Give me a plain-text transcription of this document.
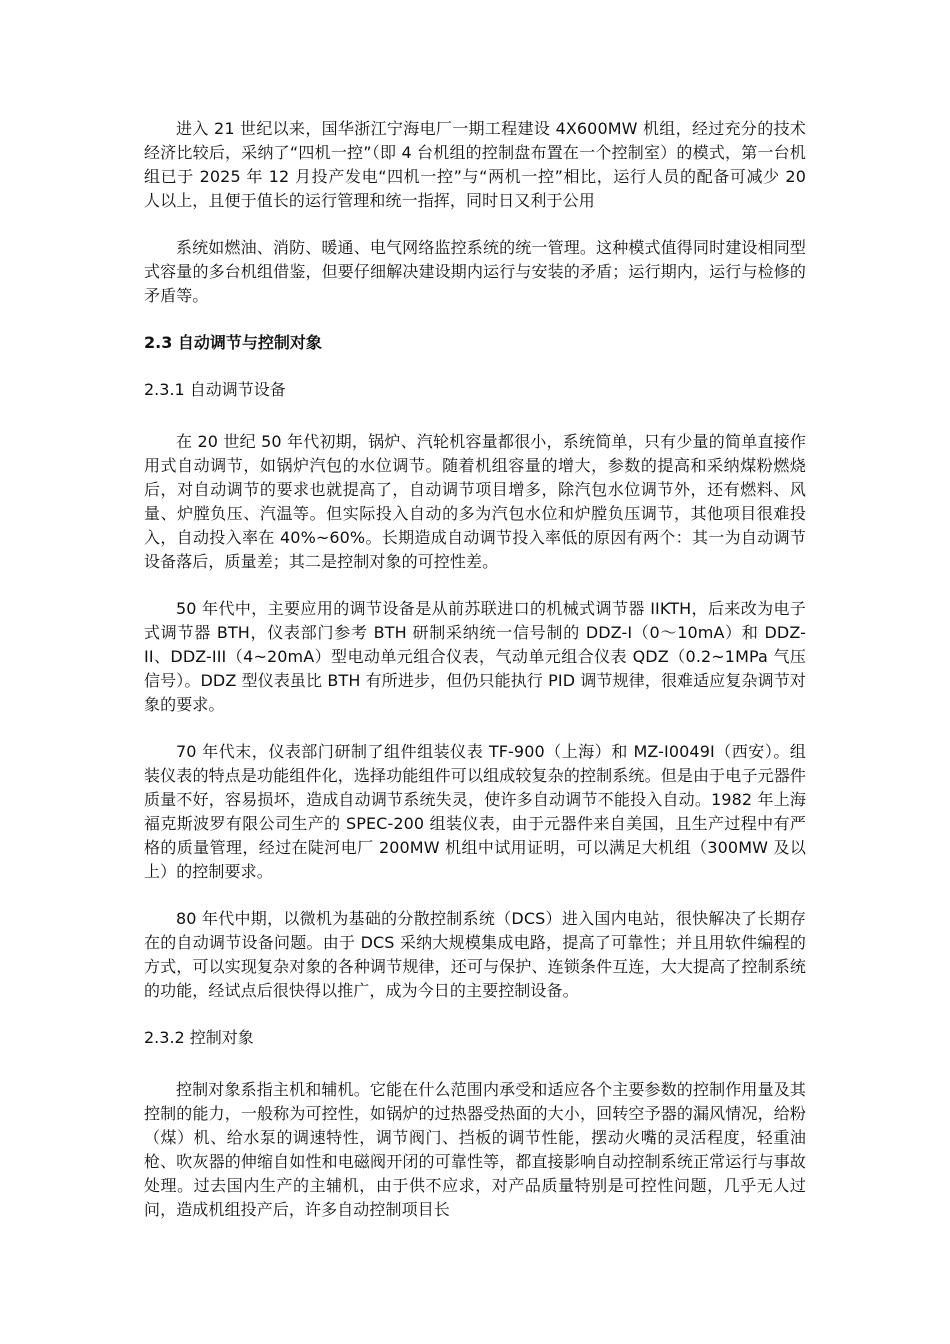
进入 21 世纪以来，国华浙江宁海电厂一期工程建设 4X600MW 机组，经过充分的技术经济比较后，采纳了“四机一控”（即 4 台机组的控制盘布置在一个控制室）的模式，第一台机组已于 2025 年 12 月投产发电“四机一控”与“两机一控”相比，运行人员的配备可减少 20 人以上，且便于值长的运行管理和统一指挥，同时日又利于公用

系统如燃油、消防、暖通、电气网络监控系统的统一管理。这种模式值得同时建设相同型式容量的多台机组借鉴，但要仔细解决建设期内运行与安装的矛盾；运行期内，运行与检修的矛盾等。

2.3 自动调节与控制对象

2.3.1 自动调节设备

在 20 世纪 50 年代初期，锅炉、汽轮机容量都很小，系统简单，只有少量的简单直接作用式自动调节，如锅炉汽包的水位调节。随着机组容量的增大，参数的提高和采纳煤粉燃烧后，对自动调节的要求也就提高了，自动调节项目增多，除汽包水位调节外，还有燃料、风量、炉膛负压、汽温等。但实际投入自动的多为汽包水位和炉膛负压调节，其他项目很难投入，自动投入率在 40%~60%。长期造成自动调节投入率低的原因有两个：其一为自动调节设备落后，质量差；其二是控制对象的可控性差。

50 年代中，主要应用的调节设备是从前苏联进口的机械式调节器 IIKTH，后来改为电子式调节器 BTH，仪表部门参考 BTH 研制采纳统一信号制的 DDZ-I（0～10mA）和 DDZ-II、DDZ-III（4~20mA）型电动单元组合仪表，气动单元组合仪表 QDZ（0.2~1MPa 气压信号）。DDZ 型仪表虽比 BTH 有所进步，但仍只能执行 PID 调节规律，很难适应复杂调节对象的要求。

70 年代末，仪表部门研制了组件组装仪表 TF-900（上海）和 MZ-I0049I（西安）。组装仪表的特点是功能组件化，选择功能组件可以组成较复杂的控制系统。但是由于电子元器件质量不好，容易损坏，造成自动调节系统失灵，使许多自动调节不能投入自动。1982 年上海福克斯波罗有限公司生产的 SPEC-200 组装仪表，由于元器件来自美国，且生产过程中有严格的质量管理，经过在陡河电厂 200MW 机组中试用证明，可以满足大机组（300MW 及以上）的控制要求。

80 年代中期，以微机为基础的分散控制系统（DCS）进入国内电站，很快解决了长期存在的自动调节设备问题。由于 DCS 采纳大规模集成电路，提高了可靠性；并且用软件编程的方式，可以实现复杂对象的各种调节规律，还可与保护、连锁条件互连，大大提高了控制系统的功能，经试点后很快得以推广，成为今日的主要控制设备。

2.3.2 控制对象

控制对象系指主机和辅机。它能在什么范围内承受和适应各个主要参数的控制作用量及其控制的能力，一般称为可控性，如锅炉的过热器受热面的大小，回转空予器的漏风情况，给粉（煤）机、给水泵的调速特性，调节阀门、挡板的调节性能，摆动火嘴的灵活程度，轻重油枪、吹灰器的伸缩自如性和电磁阀开闭的可靠性等，都直接影响自动控制系统正常运行与事故处理。过去国内生产的主辅机，由于供不应求，对产品质量特别是可控性问题，几乎无人过问，造成机组投产后，许多自动控制项目长
